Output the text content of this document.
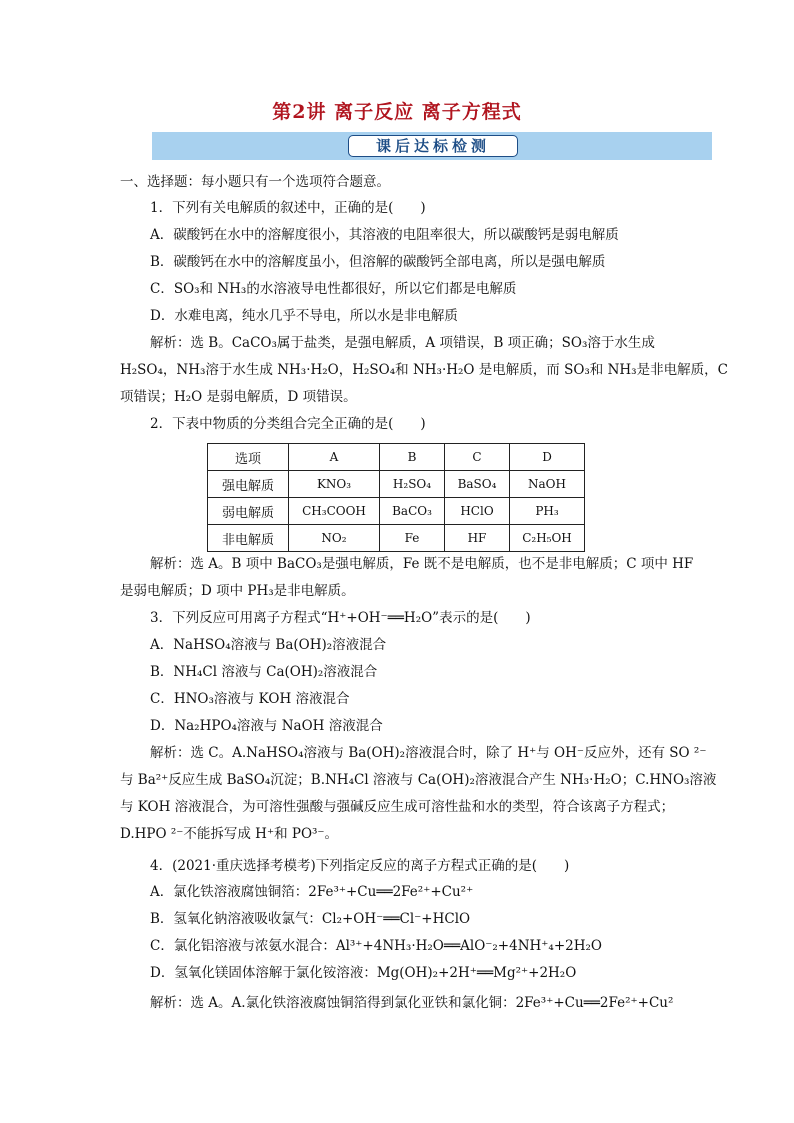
第2讲 离子反应 离子方程式
课后达标检测
一、选择题：每小题只有一个选项符合题意。
1．下列有关电解质的叙述中，正确的是(　　)
A．碳酸钙在水中的溶解度很小，其溶液的电阻率很大，所以碳酸钙是弱电解质
B．碳酸钙在水中的溶解度虽小，但溶解的碳酸钙全部电离，所以是强电解质
C．SO₃和 NH₃的水溶液导电性都很好，所以它们都是电解质
D．水难电离，纯水几乎不导电，所以水是非电解质
解析：选 B。CaCO₃属于盐类，是强电解质，A 项错误，B 项正确；SO₃溶于水生成
H₂SO₄，NH₃溶于水生成 NH₃·H₂O，H₂SO₄和 NH₃·H₂O 是电解质，而 SO₃和 NH₃是非电解质，C
项错误；H₂O 是弱电解质，D 项错误。
2．下表中物质的分类组合完全正确的是(　　)
选项	A	B	C	D
强电解质	KNO₃	H₂SO₄	BaSO₄	NaOH
弱电解质	CH₃COOH	BaCO₃	HClO	PH₃
非电解质	NO₂	Fe	HF	C₂H₅OH
解析：选 A。B 项中 BaCO₃是强电解质，Fe 既不是电解质，也不是非电解质；C 项中 HF
是弱电解质；D 项中 PH₃是非电解质。
3．下列反应可用离子方程式“H⁺+OH⁻══H₂O”表示的是(　　)
A．NaHSO₄溶液与 Ba(OH)₂溶液混合
B．NH₄Cl 溶液与 Ca(OH)₂溶液混合
C．HNO₃溶液与 KOH 溶液混合
D．Na₂HPO₄溶液与 NaOH 溶液混合
解析：选 C。A.NaHSO₄溶液与 Ba(OH)₂溶液混合时，除了 H⁺与 OH⁻反应外，还有 SO ²⁻
与 Ba²⁺反应生成 BaSO₄沉淀；B.NH₄Cl 溶液与 Ca(OH)₂溶液混合产生 NH₃·H₂O；C.HNO₃溶液
与 KOH 溶液混合，为可溶性强酸与强碱反应生成可溶性盐和水的类型，符合该离子方程式；
D.HPO ²⁻不能拆写成 H⁺和 PO³⁻。
4．(2021·重庆选择考模考)下列指定反应的离子方程式正确的是(　　)
A．氯化铁溶液腐蚀铜箔：2Fe³⁺+Cu══2Fe²⁺+Cu²⁺
B．氢氧化钠溶液吸收氯气：Cl₂+OH⁻══Cl⁻+HClO
C．氯化铝溶液与浓氨水混合：Al³⁺+4NH₃·H₂O══AlO⁻₂+4NH⁺₄+2H₂O
D．氢氧化镁固体溶解于氯化铵溶液：Mg(OH)₂+2H⁺══Mg²⁺+2H₂O
解析：选 A。A.氯化铁溶液腐蚀铜箔得到氯化亚铁和氯化铜：2Fe³⁺+Cu══2Fe²⁺+Cu²
